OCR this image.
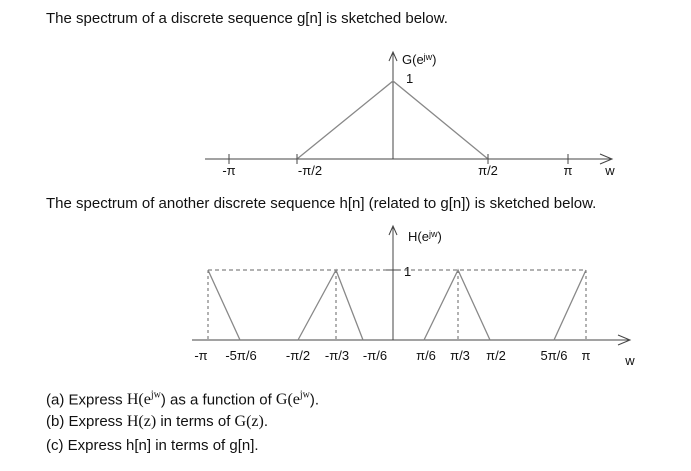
The spectrum of a discrete sequence g[n] is sketched below.
$G(e^{jw})$
1
-π	-π/2	π/2	π	w
$H(e^{jw})$
1
-π -5π/6 -π/2 -π/3 -π/6 π/6 π/3 π/2	5π/6 π	w
The spectrum of another discrete sequence h[n] (related to g[n]) is sketched below.
(a) Express $H(e^{jw})$ as a function of $G(e^{jw})$.
(b) Express H(z) in terms of G(z).
(c) Express h[n] in terms of g[n].
